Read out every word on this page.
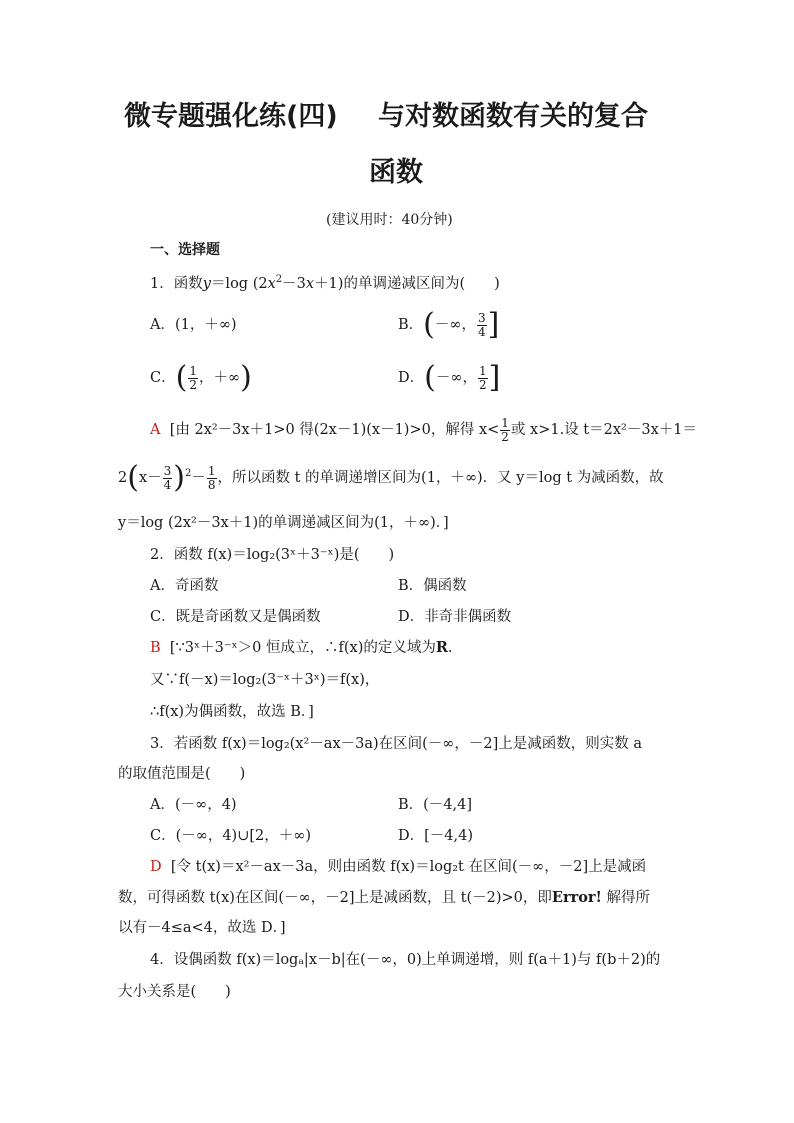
微专题强化练(四) 与对数函数有关的复合
函数
(建议用时：40分钟)
一、选择题
1．函数y＝log $(2x^2-3x+1)$的单调递减区间为(　　)
A．(1，＋∞)	B．(－∞， $\frac{3}{4}$ ]
C．( $\frac{1}{2}$ ，＋∞)	D．(－∞， $\frac{1}{2}$ ]
A [由 2x²－3x＋1>0 得(2x－1)(x－1)>0，解得 $x< \frac{1}{2}$ 或 x>1.设 t＝2x²－3x＋1＝
$2(x- \frac{3}{4} )^2- \frac{1}{8}$ ，所以函数 t 的单调递增区间为(1，＋∞)．又 y＝log t 为减函数，故
y＝log (2x²－3x＋1)的单调递减区间为(1，＋∞)．]
2．函数 f(x)＝log₂(3ˣ＋3⁻ˣ)是(　　)
A．奇函数	B．偶函数
C．既是奇函数又是偶函数	D．非奇非偶函数
B [∵3ˣ＋3⁻ˣ＞0 恒成立，∴f(x)的定义域为R.
又∵f(－x)＝log₂(3⁻ˣ＋3ˣ)＝f(x)，
∴f(x)为偶函数，故选 B．]
3．若函数 f(x)＝log₂(x²－ax－3a)在区间(－∞，－2]上是减函数，则实数 a
的取值范围是(　　)
A．(－∞，4)	B．(－4,4]
C．(－∞，4)∪[2，＋∞)	D．[－4,4)
D [令 t(x)＝x²－ax－3a，则由函数 f(x)＝log₂t 在区间(－∞，－2]上是减函
数，可得函数 t(x)在区间(－∞，－2]上是减函数，且 t(－2)>0，即Error! 解得所
以有－4≤a<4，故选 D．]
4．设偶函数 f(x)＝logₐ|x－b|在(－∞，0)上单调递增，则 f(a＋1)与 f(b＋2)的
大小关系是(　　)
